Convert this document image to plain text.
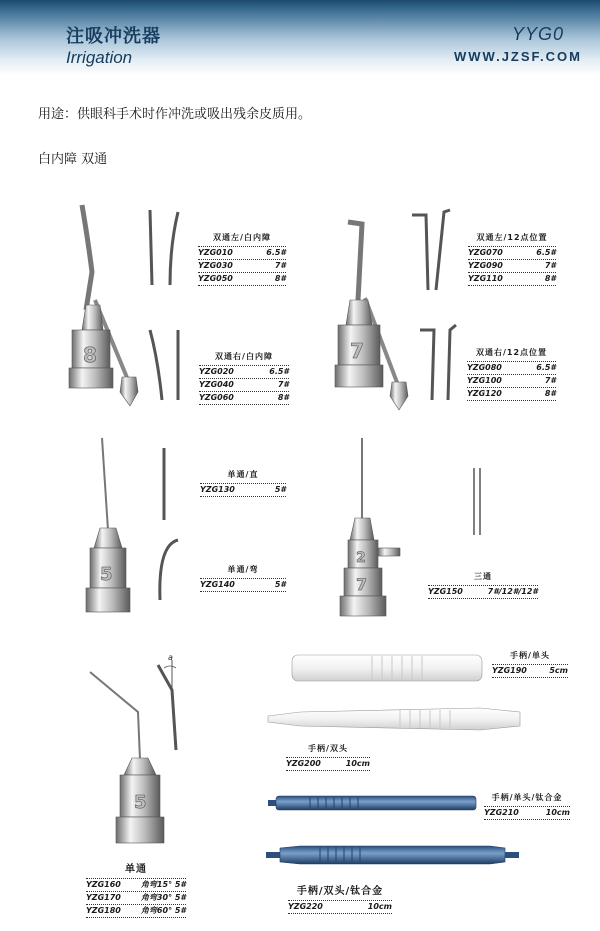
注吸冲洗器
Irrigation
YYG0
WWW.JZSF.COM
用途：供眼科手术时作冲洗或吸出残余皮质用。
白内障 双通
8	7
5
2
7
5
a
双通左/白内障
YZG010	6.5#
YZG030	7#
YZG050	8#
双通右/白内障
YZG020	6.5#
YZG040	7#
YZG060	8#
双通左/12点位置
YZG070	6.5#
YZG090	7#
YZG110	8#
双通右/12点位置
YZG080	6.5#
YZG100	7#
YZG120	8#
单通/直
YZG130	5#
单通/弯
YZG140	5#
三通
YZG150	7#/12#/12#
手柄/单头
YZG190	5cm
手柄/双头
YZG200	10cm
手柄/单头/钛合金
YZG210	10cm
单通
YZG160	角弯15° 5#
YZG170	角弯30° 5#
YZG180	角弯60° 5#
手柄/双头/钛合金
YZG220	10cm
